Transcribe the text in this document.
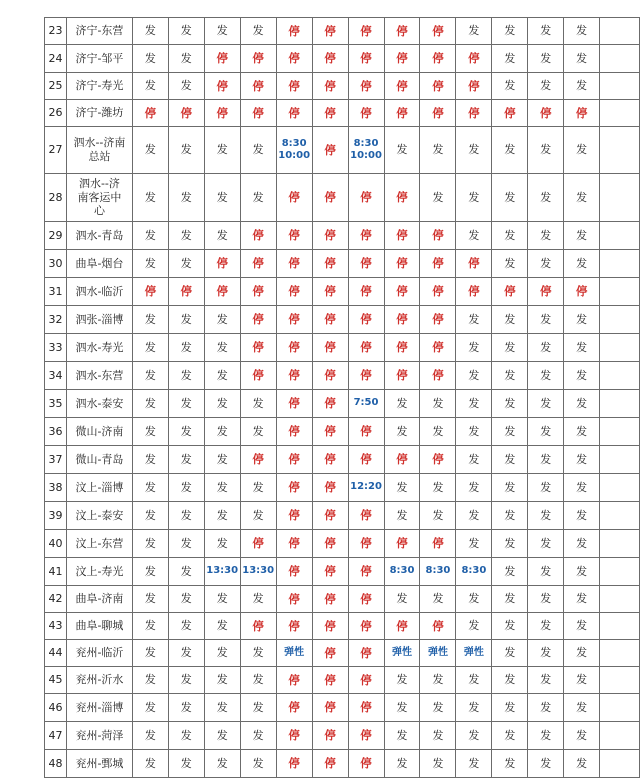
23	济宁-东营	发	发	发	发	停	停	停	停	停	发	发	发	发	
24	济宁-邹平	发	发	停	停	停	停	停	停	停	停	发	发	发	
25	济宁-寿光	发	发	停	停	停	停	停	停	停	停	发	发	发	
26	济宁-潍坊	停	停	停	停	停	停	停	停	停	停	停	停	停	
27	泗水--济南总站	发	发	发	发	8:30
10:00	停	8:30
10:00	发	发	发	发	发	发	
28	泗水--济南客运中心	发	发	发	发	停	停	停	停	发	发	发	发	发	
29	泗水-青岛	发	发	发	停	停	停	停	停	停	发	发	发	发	
30	曲阜-烟台	发	发	停	停	停	停	停	停	停	停	发	发	发	
31	泗水-临沂	停	停	停	停	停	停	停	停	停	停	停	停	停	
32	泗张-淄博	发	发	发	停	停	停	停	停	停	发	发	发	发	
33	泗水-寿光	发	发	发	停	停	停	停	停	停	发	发	发	发	
34	泗水-东营	发	发	发	停	停	停	停	停	停	发	发	发	发	
35	泗水-泰安	发	发	发	发	停	停	7:50	发	发	发	发	发	发	
36	微山-济南	发	发	发	发	停	停	停	发	发	发	发	发	发	
37	微山-青岛	发	发	发	停	停	停	停	停	停	发	发	发	发	
38	汶上-淄博	发	发	发	发	停	停	12:20	发	发	发	发	发	发	
39	汶上-泰安	发	发	发	发	停	停	停	发	发	发	发	发	发	
40	汶上-东营	发	发	发	停	停	停	停	停	停	发	发	发	发	
41	汶上-寿光	发	发	13:30	13:30	停	停	停	8:30	8:30	8:30	发	发	发	
42	曲阜-济南	发	发	发	发	停	停	停	发	发	发	发	发	发	
43	曲阜-聊城	发	发	发	停	停	停	停	停	停	发	发	发	发	
44	兖州-临沂	发	发	发	发	弹性	停	停	弹性	弹性	弹性	发	发	发	
45	兖州-沂水	发	发	发	发	停	停	停	发	发	发	发	发	发	
46	兖州-淄博	发	发	发	发	停	停	停	发	发	发	发	发	发	
47	兖州-菏泽	发	发	发	发	停	停	停	发	发	发	发	发	发	
48	兖州-鄄城	发	发	发	发	停	停	停	发	发	发	发	发	发	
